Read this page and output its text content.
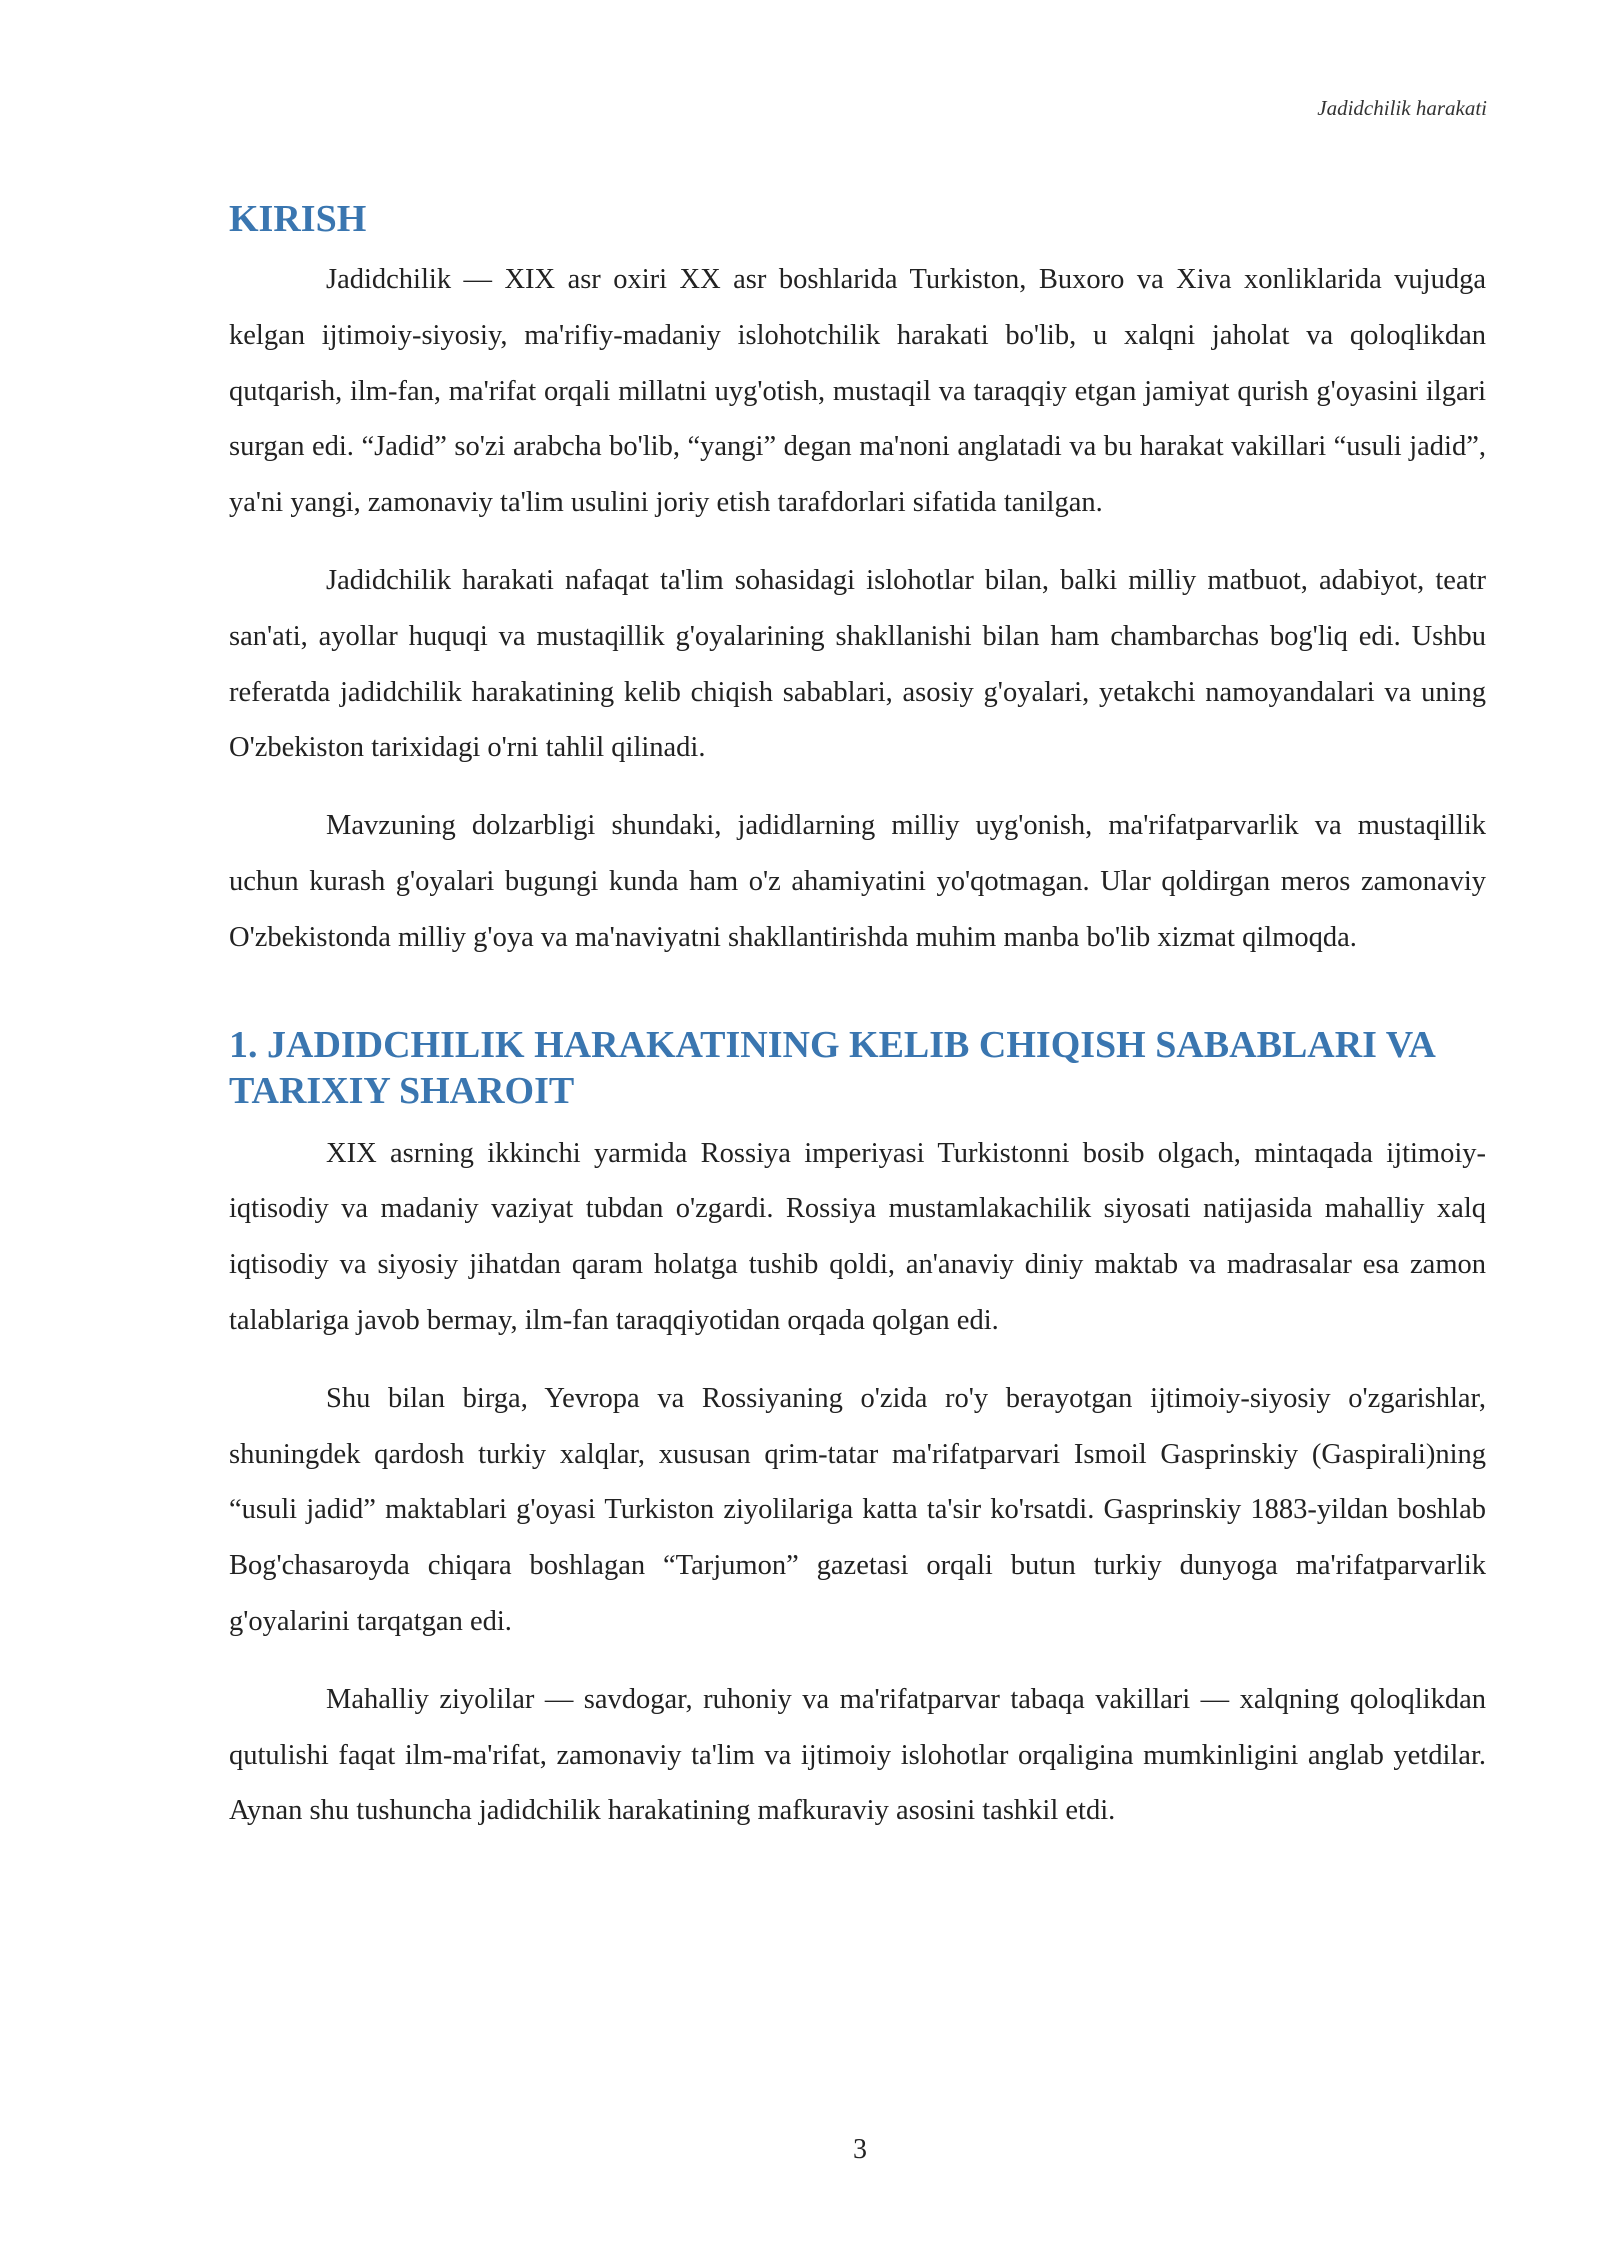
Jadidchilik harakati
KIRISH

Jadidchilik — XIX asr oxiri XX asr boshlarida Turkiston, Buxoro va Xiva xonliklarida vujudga kelgan ijtimoiy-siyosiy, ma'rifiy-madaniy islohotchilik harakati bo'lib, u xalqni jaholat va qoloqlikdan qutqarish, ilm-fan, ma'rifat orqali millatni uyg'otish, mustaqil va taraqqiy etgan jamiyat qurish g'oyasini ilgari surgan edi. “Jadid” so'zi arabcha bo'lib, “yangi” degan ma'noni anglatadi va bu harakat vakillari “usuli jadid”, ya'ni yangi, zamonaviy ta'lim usulini joriy etish tarafdorlari sifatida tanilgan.

Jadidchilik harakati nafaqat ta'lim sohasidagi islohotlar bilan, balki milliy matbuot, adabiyot, teatr san'ati, ayollar huquqi va mustaqillik g'oyalarining shakllanishi bilan ham chambarchas bog'liq edi. Ushbu referatda jadidchilik harakatining kelib chiqish sabablari, asosiy g'oyalari, yetakchi namoyandalari va uning O'zbekiston tarixidagi o'rni tahlil qilinadi.

Mavzuning dolzarbligi shundaki, jadidlarning milliy uyg'onish, ma'rifatparvarlik va mustaqillik uchun kurash g'oyalari bugungi kunda ham o'z ahamiyatini yo'qotmagan. Ular qoldirgan meros zamonaviy O'zbekistonda milliy g'oya va ma'naviyatni shakllantirishda muhim manba bo'lib xizmat qilmoqda.

1. JADIDCHILIK HARAKATINING KELIB CHIQISH SABABLARI VA TARIXIY SHAROIT

XIX asrning ikkinchi yarmida Rossiya imperiyasi Turkistonni bosib olgach, mintaqada ijtimoiy-iqtisodiy va madaniy vaziyat tubdan o'zgardi. Rossiya mustamlakachilik siyosati natijasida mahalliy xalq iqtisodiy va siyosiy jihatdan qaram holatga tushib qoldi, an'anaviy diniy maktab va madrasalar esa zamon talablariga javob bermay, ilm-fan taraqqiyotidan orqada qolgan edi.

Shu bilan birga, Yevropa va Rossiyaning o'zida ro'y berayotgan ijtimoiy-siyosiy o'zgarishlar, shuningdek qardosh turkiy xalqlar, xususan qrim-tatar ma'rifatparvari Ismoil Gasprinskiy (Gaspirali)ning “usuli jadid” maktablari g'oyasi Turkiston ziyolilariga katta ta'sir ko'rsatdi. Gasprinskiy 1883-yildan boshlab Bog'chasaroyda chiqara boshlagan “Tarjumon” gazetasi orqali butun turkiy dunyoga ma'rifatparvarlik g'oyalarini tarqatgan edi.

Mahalliy ziyolilar — savdogar, ruhoniy va ma'rifatparvar tabaqa vakillari — xalqning qoloqlikdan qutulishi faqat ilm-ma'rifat, zamonaviy ta'lim va ijtimoiy islohotlar orqaligina mumkinligini anglab yetdilar. Aynan shu tushuncha jadidchilik harakatining mafkuraviy asosini tashkil etdi.

3
